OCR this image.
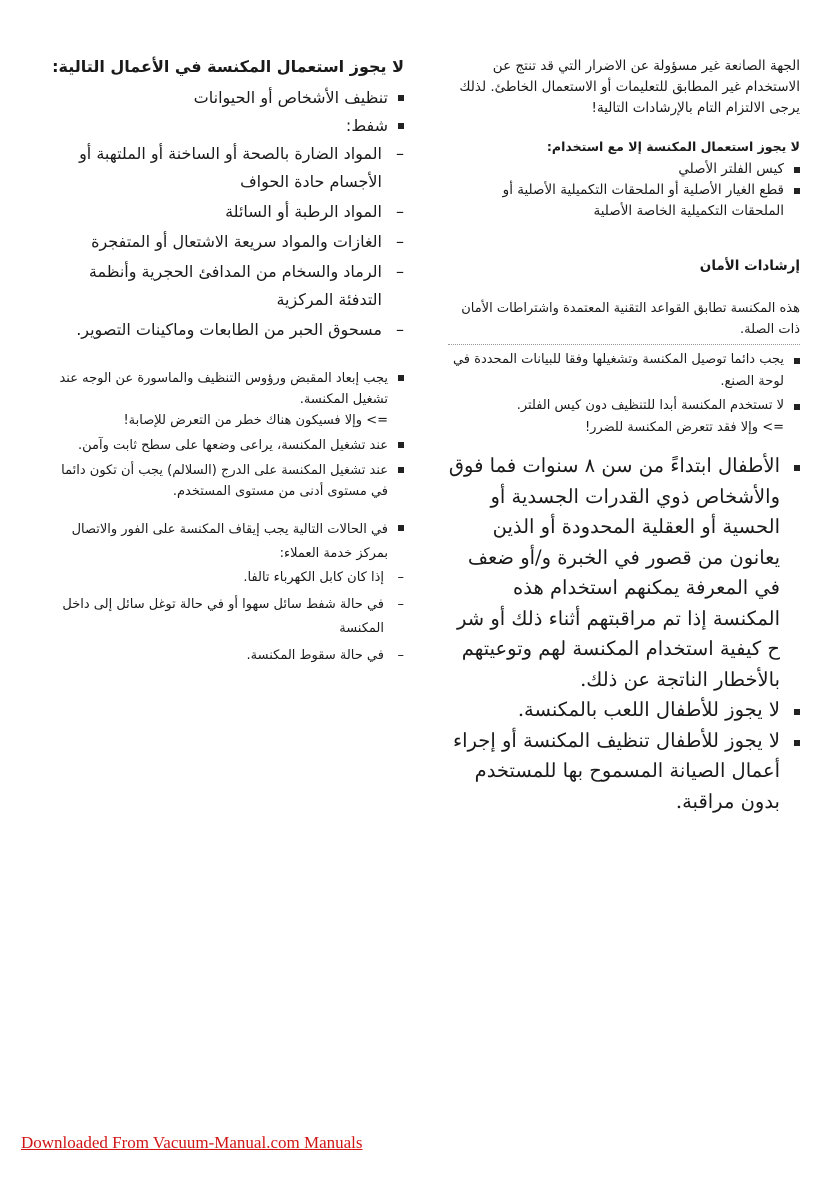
الجهة الصانعة غير مسؤولة عن الاضرار التي قد تنتج عن الاستخدام غير المطابق للتعليمات أو الاستعمال الخاطئ. لذلك يرجى الالتزام التام بالإرشادات التالية!

لا يجوز استعمال المكنسة إلا مع استخدام:

كيس الفلتر الأصلي
قطع الغيار الأصلية أو الملحقات التكميلية الأصلية أو الملحقات التكميلية الخاصة الأصلية

إرشادات الأمان

هذه المكنسة تطابق القواعد التقنية المعتمدة واشتراطات الأمان ذات الصلة.

يجب دائما توصيل المكنسة وتشغيلها وفقا للبيانات المحددة في لوحة الصنع.
لا تستخدم المكنسة أبدا للتنظيف دون كيس الفلتر.
=> وإلا فقد تتعرض المكنسة للضرر!
الأطفال ابتداءً من سن ٨ سنوات فما فوق والأشخاص ذوي القدرات الجسدية أو الحسية أو العقلية المحدودة أو الذين يعانون من قصور في الخبرة و/أو ضعف في المعرفة يمكنهم استخدام هذه المكنسة إذا تم مراقبتهم أثناء ذلك أو شر ح كيفية استخدام المكنسة لهم وتوعيتهم بالأخطار الناتجة عن ذلك.
لا يجوز للأطفال اللعب بالمكنسة.
لا يجوز للأطفال تنظيف المكنسة أو إجراء أعمال الصيانة المسموح بها للمستخدم بدون مراقبة.

لا يجوز استعمال المكنسة في الأعمال التالية:

تنظيف الأشخاص أو الحيوانات
شفط:
–
المواد الضارة بالصحة أو الساخنة أو الملتهبة أو الأجسام حادة الحواف
–
المواد الرطبة أو السائلة
–
الغازات والمواد سريعة الاشتعال أو المتفجرة
–
الرماد والسخام من المدافئ الحجرية وأنظمة التدفئة المركزية
–
مسحوق الحبر من الطابعات وماكينات التصوير.
يجب إبعاد المقبض ورؤوس التنظيف والماسورة عن الوجه عند تشغيل المكنسة.
=> وإلا فسيكون هناك خطر من التعرض للإصابة!
عند تشغيل المكنسة، يراعى وضعها على سطح ثابت وآمن.
عند تشغيل المكنسة على الدرج (السلالم) يجب أن تكون دائما في مستوى أدنى من مستوى المستخدم.
في الحالات التالية يجب إيقاف المكنسة على الفور والاتصال بمركز خدمة العملاء:
–
إذا كان كابل الكهرباء تالفا.
–
في حالة شفط سائل سهوا أو في حالة توغل سائل إلى داخل المكنسة
–
في حالة سقوط المكنسة.
Downloaded From Vacuum-Manual.com Manuals
